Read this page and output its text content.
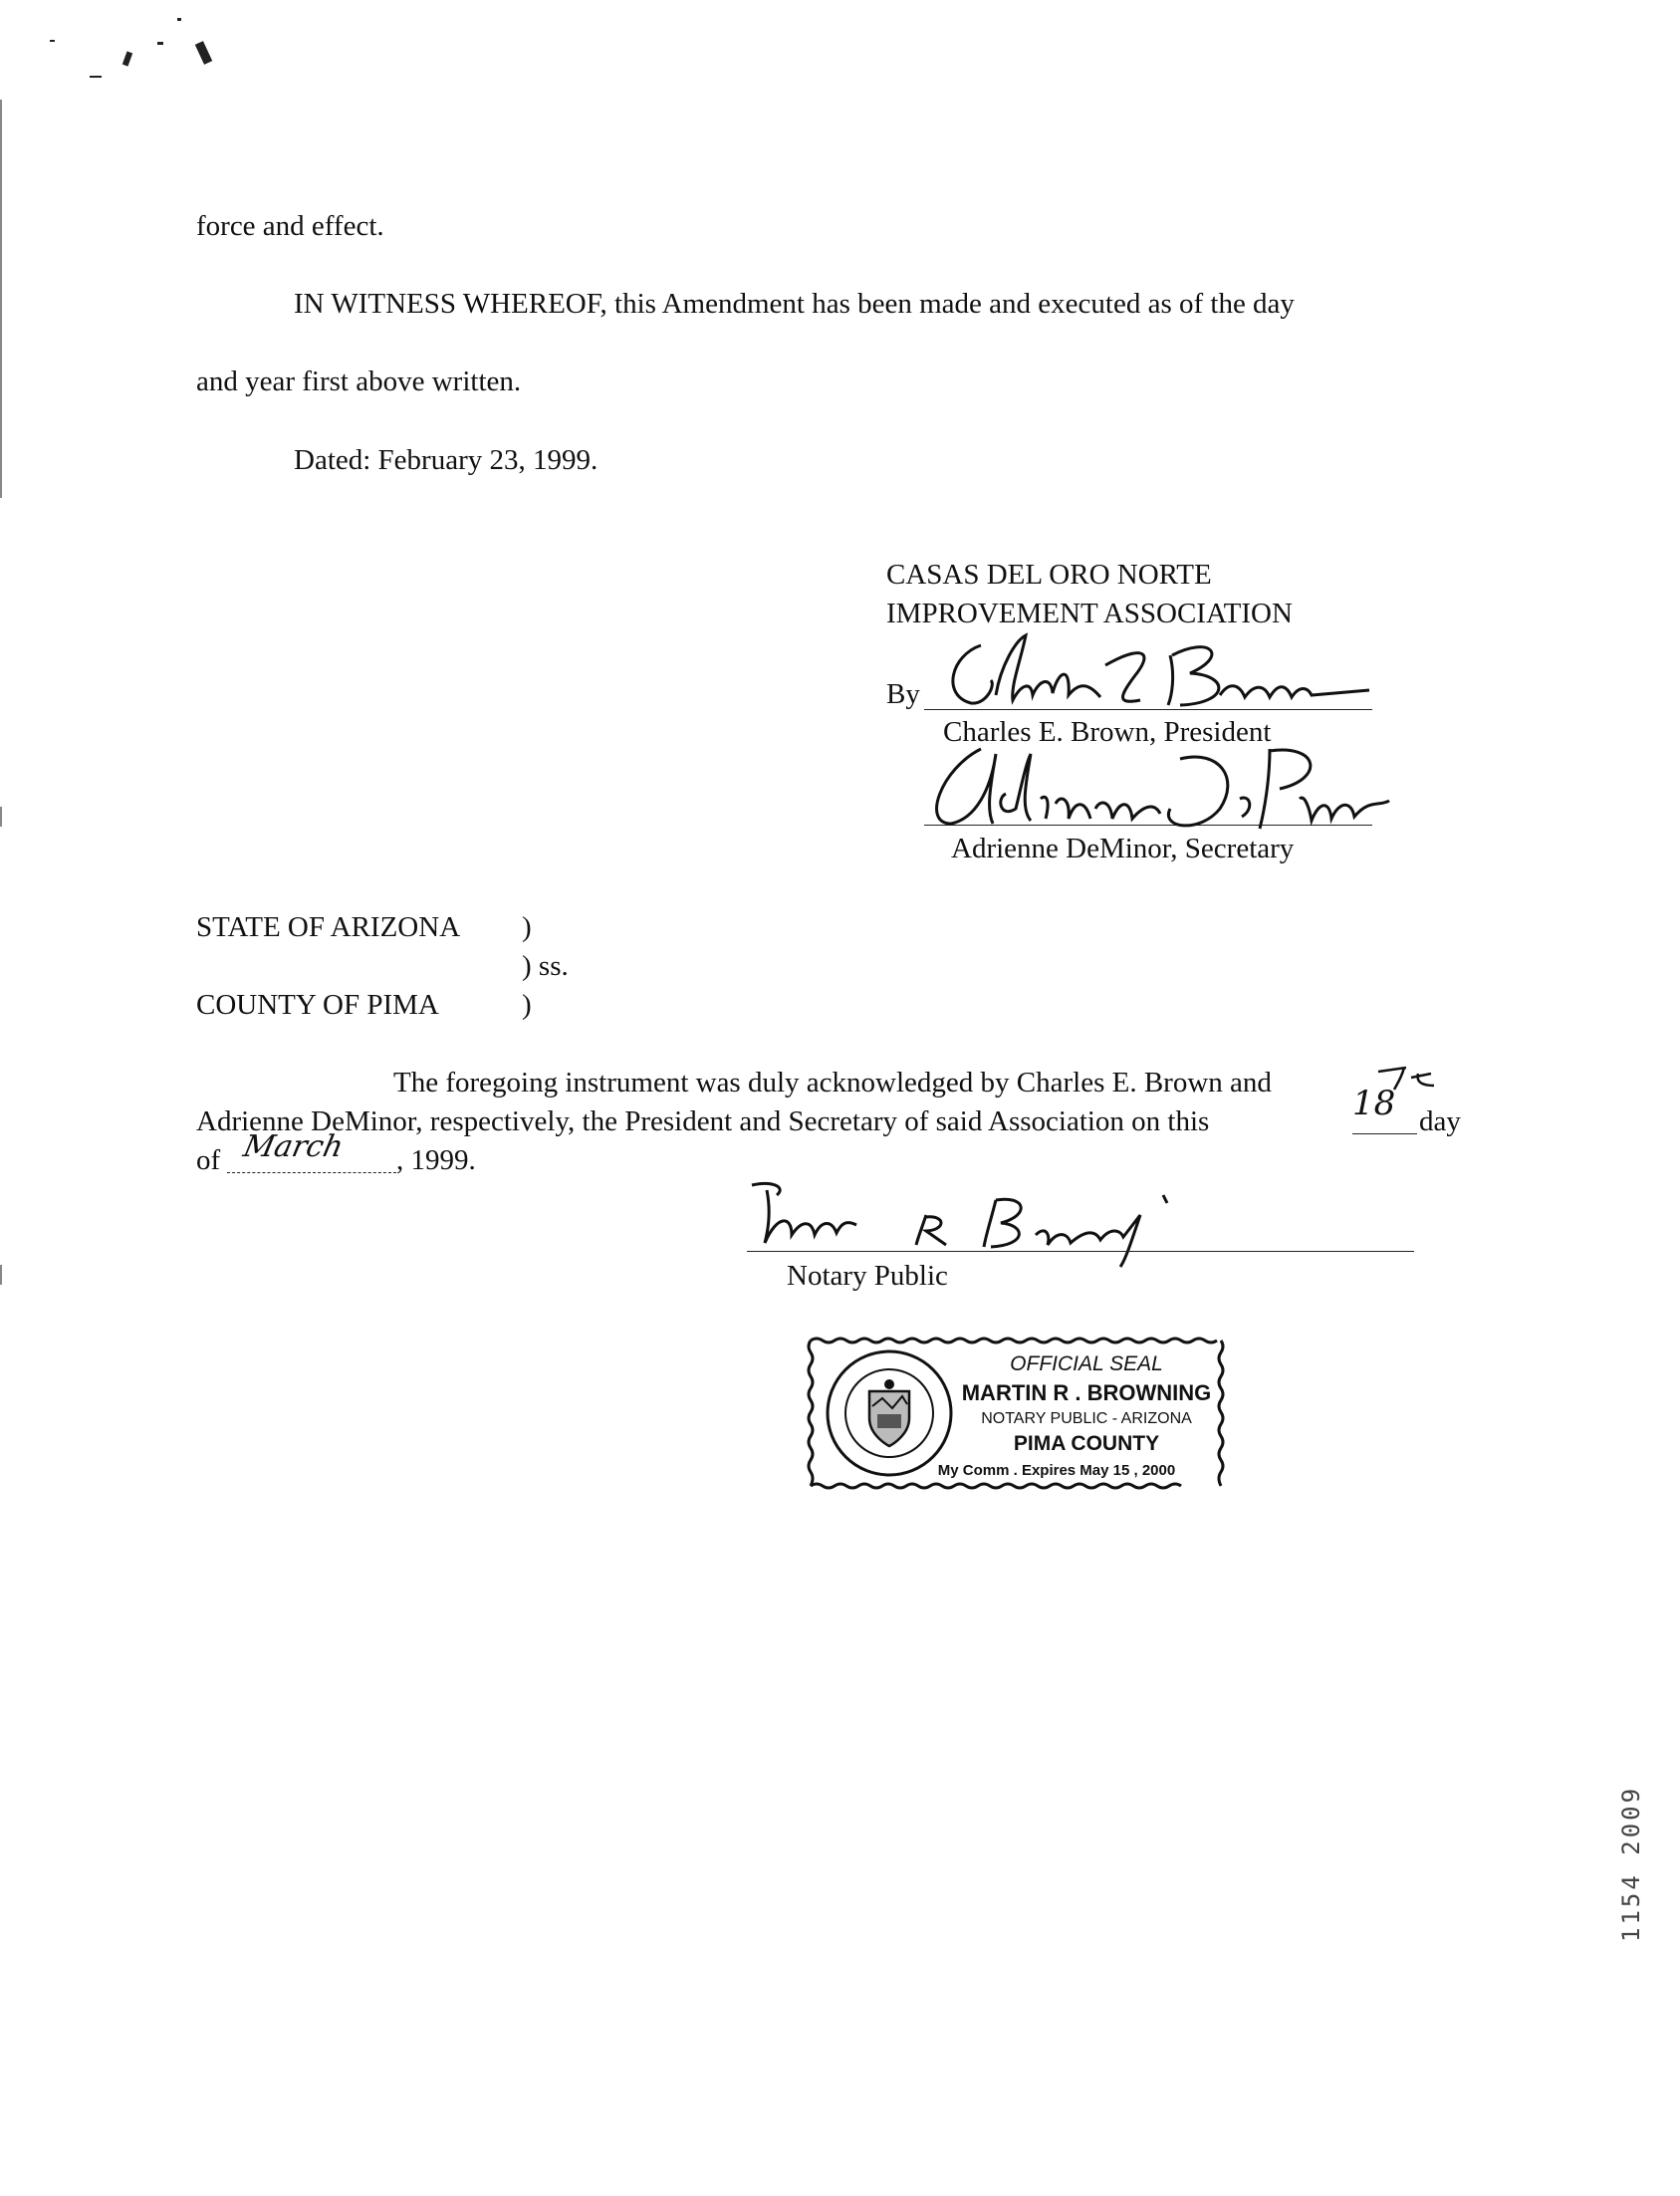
force and effect.
IN WITNESS WHEREOF, this Amendment has been made and executed as of the day
and year first above written.
Dated: February 23, 1999.
CASAS DEL ORO NORTE
IMPROVEMENT ASSOCIATION
By
Charles E. Brown, President
Adrienne DeMinor, Secretary
STATE OF ARIZONA )
) ss.
COUNTY OF PIMA	)
The foregoing instrument was duly acknowledged by Charles E. Brown and
Adrienne DeMinor, respectively, the President and Secretary of said Association on this	18 day
of March , 1999.
Notary Public
OFFICIAL SEAL
MARTIN R . BROWNING
NOTARY PUBLIC - ARIZONA
PIMA COUNTY
My Comm . Expires May 15 , 2000
1154 2009
